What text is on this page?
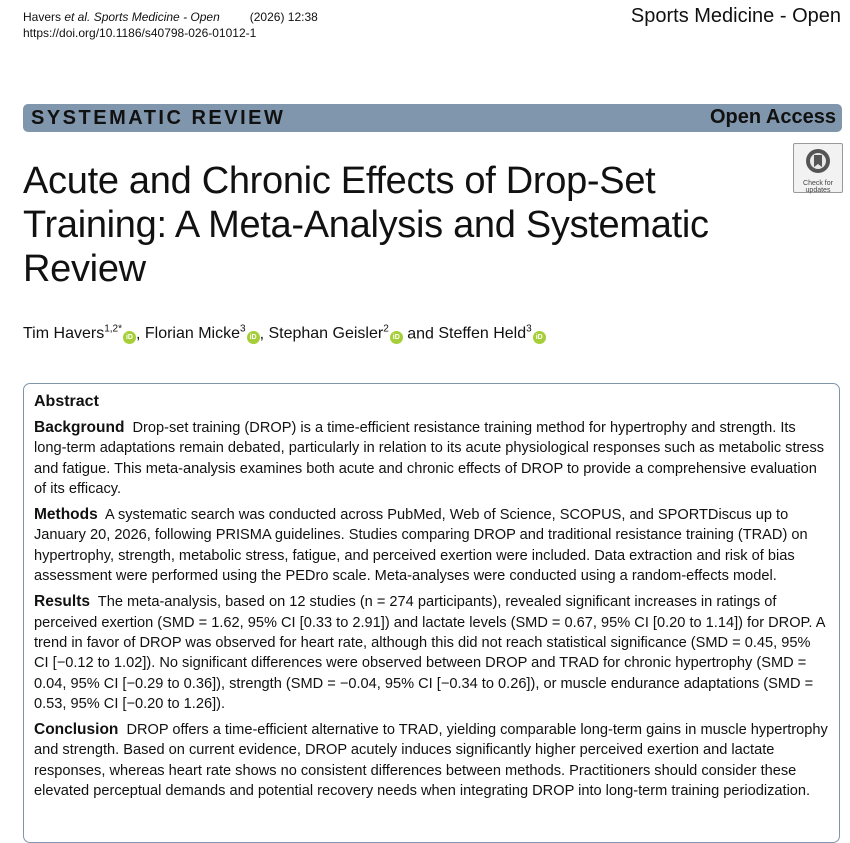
Havers et al. Sports Medicine - Open	(2026) 12:38
https://doi.org/10.1186/s40798-026-01012-1
Sports Medicine - Open
SYSTEMATIC REVIEW	Open Access
Acute and Chronic Effects of Drop-Set Training: A Meta-Analysis and Systematic Review
Check for updates
Tim Havers$^{1,2*}$iD , Florian Micke$^3$iD , Stephan Geisler$^2$iD and Steffen Held$^3$iD
Abstract

Background Drop-set training (DROP) is a time-efficient resistance training method for hypertrophy and strength. Its long-term adaptations remain debated, particularly in relation to its acute physiological responses such as metabolic stress and fatigue. This meta-analysis examines both acute and chronic effects of DROP to provide a comprehensive evaluation of its efficacy.

Methods A systematic search was conducted across PubMed, Web of Science, SCOPUS, and SPORTDiscus up to January 20, 2026, following PRISMA guidelines. Studies comparing DROP and traditional resistance training (TRAD) on hypertrophy, strength, metabolic stress, fatigue, and perceived exertion were included. Data extraction and risk of bias assessment were performed using the PEDro scale. Meta-analyses were conducted using a random-effects model.

Results The meta-analysis, based on 12 studies (n = 274 participants), revealed significant increases in ratings of perceived exertion (SMD = 1.62, 95% CI [0.33 to 2.91]) and lactate levels (SMD = 0.67, 95% CI [0.20 to 1.14]) for DROP. A trend in favor of DROP was observed for heart rate, although this did not reach statistical significance (SMD = 0.45, 95% CI [−0.12 to 1.02]). No significant differences were observed between DROP and TRAD for chronic hypertrophy (SMD = 0.04, 95% CI [−0.29 to 0.36]), strength (SMD = −0.04, 95% CI [−0.34 to 0.26]), or muscle endurance adaptations (SMD = 0.53, 95% CI [−0.20 to 1.26]).

Conclusion DROP offers a time-efficient alternative to TRAD, yielding comparable long-term gains in muscle hypertrophy and strength. Based on current evidence, DROP acutely induces significantly higher perceived exertion and lactate responses, whereas heart rate shows no consistent differences between methods. Practitioners should consider these elevated perceptual demands and potential recovery needs when integrating DROP into long-term training periodization.
